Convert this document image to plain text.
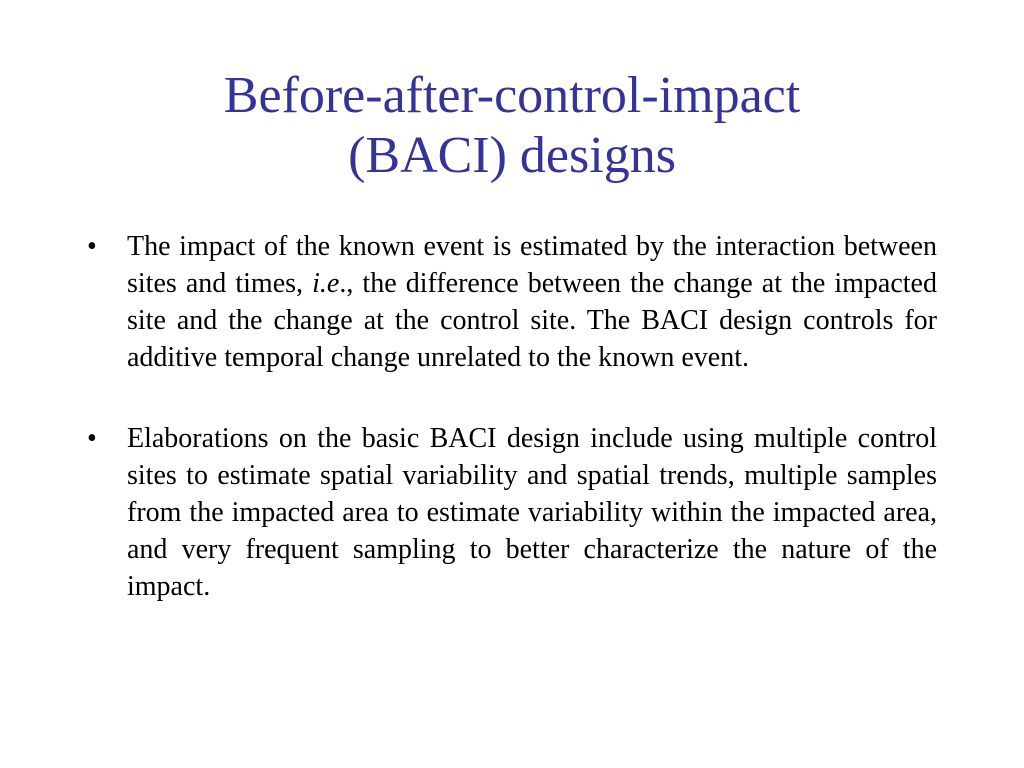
Before-after-control-impact
(BACI) designs
• The impact of the known event is estimated by the interaction between sites and times, i.e., the difference between the change at the impacted site and the change at the control site. The BACI design controls for additive temporal change unrelated to the known event.
• Elaborations on the basic BACI design include using multiple control sites to estimate spatial variability and spatial trends, multiple samples from the impacted area to estimate variability within the impacted area, and very frequent sampling to better characterize the nature of the impact.
